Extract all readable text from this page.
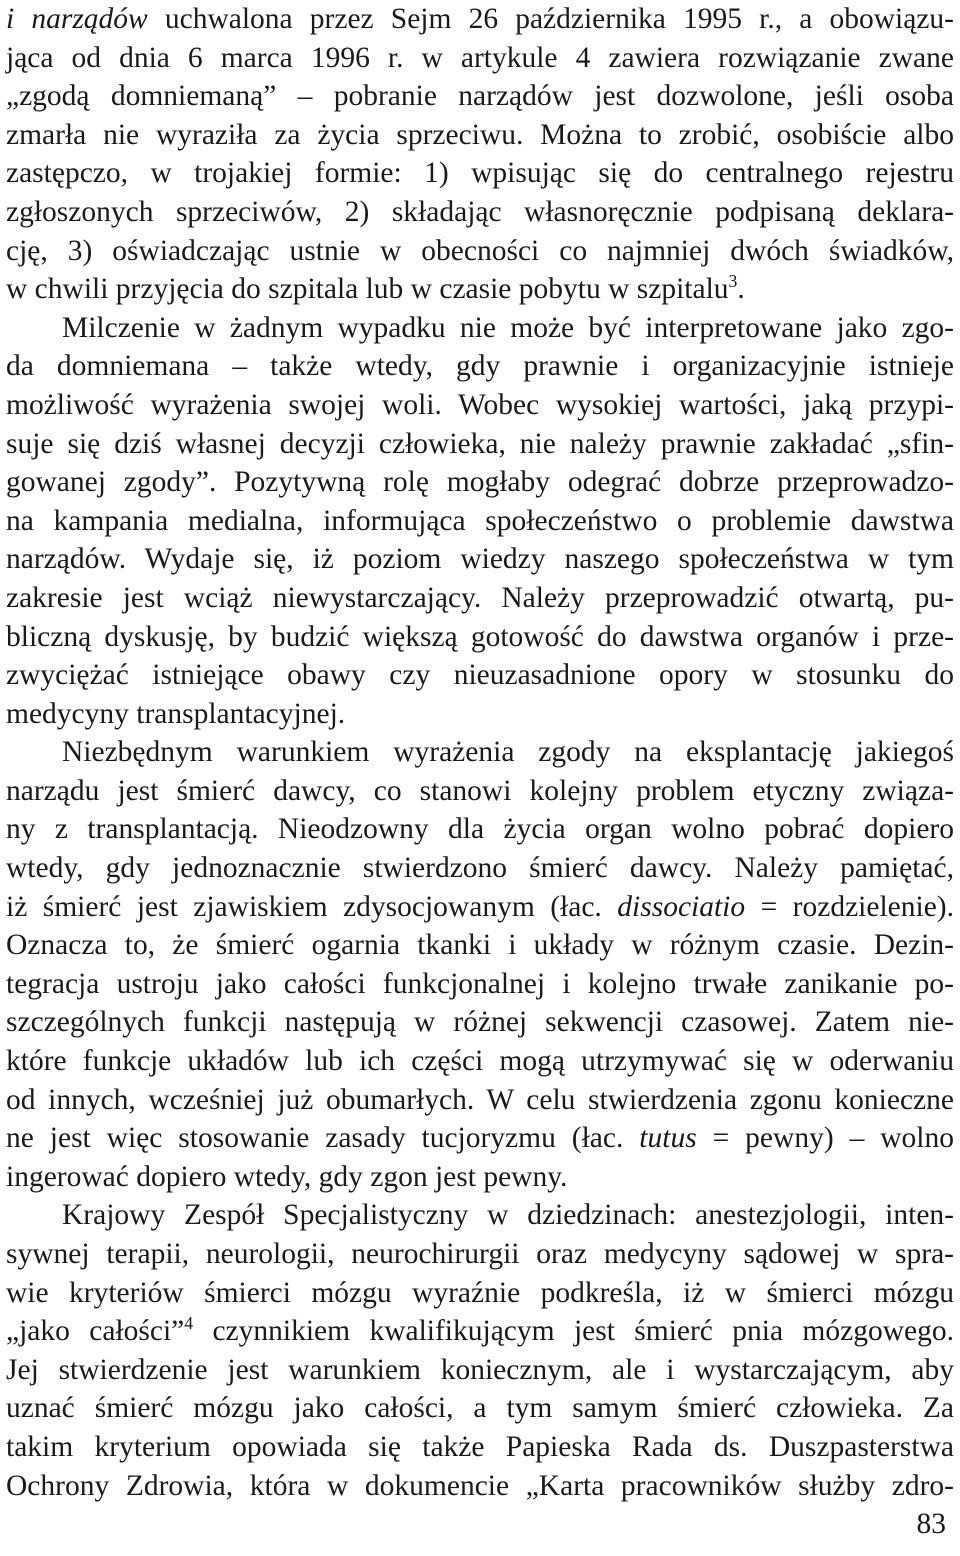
i narządów uchwalona przez Sejm 26 października 1995 r., a obowiązu-
jąca od dnia 6 marca 1996 r. w artykule 4 zawiera rozwiązanie zwane
„zgodą domniemaną” – pobranie narządów jest dozwolone, jeśli osoba
zmarła nie wyraziła za życia sprzeciwu. Można to zrobić, osobiście albo
zastępczo, w trojakiej formie: 1) wpisując się do centralnego rejestru
zgłoszonych sprzeciwów, 2) składając własnoręcznie podpisaną deklara-
cję, 3) oświadczając ustnie w obecności co najmniej dwóch świadków,
w chwili przyjęcia do szpitala lub w czasie pobytu w szpitalu$^3$.
Milczenie w żadnym wypadku nie może być interpretowane jako zgo-
da domniemana – także wtedy, gdy prawnie i organizacyjnie istnieje
możliwość wyrażenia swojej woli. Wobec wysokiej wartości, jaką przypi-
suje się dziś własnej decyzji człowieka, nie należy prawnie zakładać „sfin-
gowanej zgody”. Pozytywną rolę mogłaby odegrać dobrze przeprowadzo-
na kampania medialna, informująca społeczeństwo o problemie dawstwa
narządów. Wydaje się, iż poziom wiedzy naszego społeczeństwa w tym
zakresie jest wciąż niewystarczający. Należy przeprowadzić otwartą, pu-
bliczną dyskusję, by budzić większą gotowość do dawstwa organów i prze-
zwyciężać istniejące obawy czy nieuzasadnione opory w stosunku do
medycyny transplantacyjnej.
Niezbędnym warunkiem wyrażenia zgody na eksplantację jakiegoś
narządu jest śmierć dawcy, co stanowi kolejny problem etyczny związa-
ny z transplantacją. Nieodzowny dla życia organ wolno pobrać dopiero
wtedy, gdy jednoznacznie stwierdzono śmierć dawcy. Należy pamiętać,
iż śmierć jest zjawiskiem zdysocjowanym (łac. dissociatio = rozdzielenie).
Oznacza to, że śmierć ogarnia tkanki i układy w różnym czasie. Dezin-
tegracja ustroju jako całości funkcjonalnej i kolejno trwałe zanikanie po-
szczególnych funkcji następują w różnej sekwencji czasowej. Zatem nie-
które funkcje układów lub ich części mogą utrzymywać się w oderwaniu
od innych, wcześniej już obumarłych. W celu stwierdzenia zgonu konieczne
ne jest więc stosowanie zasady tucjoryzmu (łac. tutus = pewny) – wolno
ingerować dopiero wtedy, gdy zgon jest pewny.
Krajowy Zespół Specjalistyczny w dziedzinach: anestezjologii, inten-
sywnej terapii, neurologii, neurochirurgii oraz medycyny sądowej w spra-
wie kryteriów śmierci mózgu wyraźnie podkreśla, iż w śmierci mózgu
„jako całości”$^4$ czynnikiem kwalifikującym jest śmierć pnia mózgowego.
Jej stwierdzenie jest warunkiem koniecznym, ale i wystarczającym, aby
uznać śmierć mózgu jako całości, a tym samym śmierć człowieka. Za
takim kryterium opowiada się także Papieska Rada ds. Duszpasterstwa
Ochrony Zdrowia, która w dokumencie „Karta pracowników służby zdro-
83
